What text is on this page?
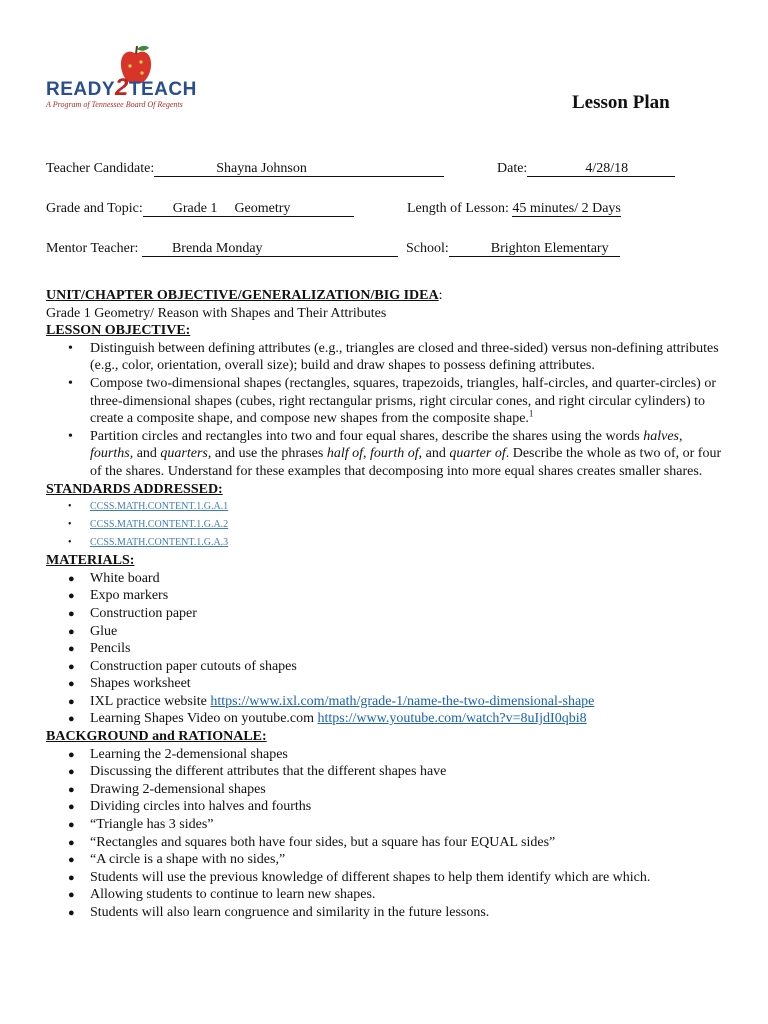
READY2TEACH
A Program of Tennessee Board Of Regents	Lesson Plan
Teacher Candidate:	Shayna Johnson	Date:	4/28/18
Grade and Topic: Grade 1 Geometry	Length of Lesson: 45 minutes/ 2 Days
Mentor Teacher: Brenda Monday	School:	Brighton Elementary

UNIT/CHAPTER OBJECTIVE/GENERALIZATION/BIG IDEA:

Grade 1 Geometry/ Reason with Shapes and Their Attributes

LESSON OBJECTIVE:

• Distinguish between defining attributes (e.g., triangles are closed and three-sided) versus non-defining attributes (e.g., color, orientation, overall size); build and draw shapes to possess defining attributes.
• Compose two-dimensional shapes (rectangles, squares, trapezoids, triangles, half-circles, and quarter-circles) or three-dimensional shapes (cubes, right rectangular prisms, right circular cones, and right circular cylinders) to create a composite shape, and compose new shapes from the composite shape.$^1$
• Partition circles and rectangles into two and four equal shares, describe the shares using the words halves, fourths, and quarters, and use the phrases half of, fourth of, and quarter of. Describe the whole as two of, or four of the shares. Understand for these examples that decomposing into more equal shares creates smaller shares.

STANDARDS ADDRESSED:

• CCSS.MATH.CONTENT.1.G.A.1
• CCSS.MATH.CONTENT.1.G.A.2
• CCSS.MATH.CONTENT.1.G.A.3

MATERIALS:

● White board
● Expo markers
● Construction paper
● Glue
● Pencils
● Construction paper cutouts of shapes
● Shapes worksheet
● IXL practice website https://www.ixl.com/math/grade-1/name-the-two-dimensional-shape
● Learning Shapes Video on youtube.com https://www.youtube.com/watch?v=8uIjdI0qbi8

BACKGROUND and RATIONALE:

● Learning the 2-demensional shapes
● Discussing the different attributes that the different shapes have
● Drawing 2-demensional shapes
● Dividing circles into halves and fourths
● “Triangle has 3 sides”
● “Rectangles and squares both have four sides, but a square has four EQUAL sides”
● “A circle is a shape with no sides,”
● Students will use the previous knowledge of different shapes to help them identify which are which.
● Allowing students to continue to learn new shapes.
● Students will also learn congruence and similarity in the future lessons.
